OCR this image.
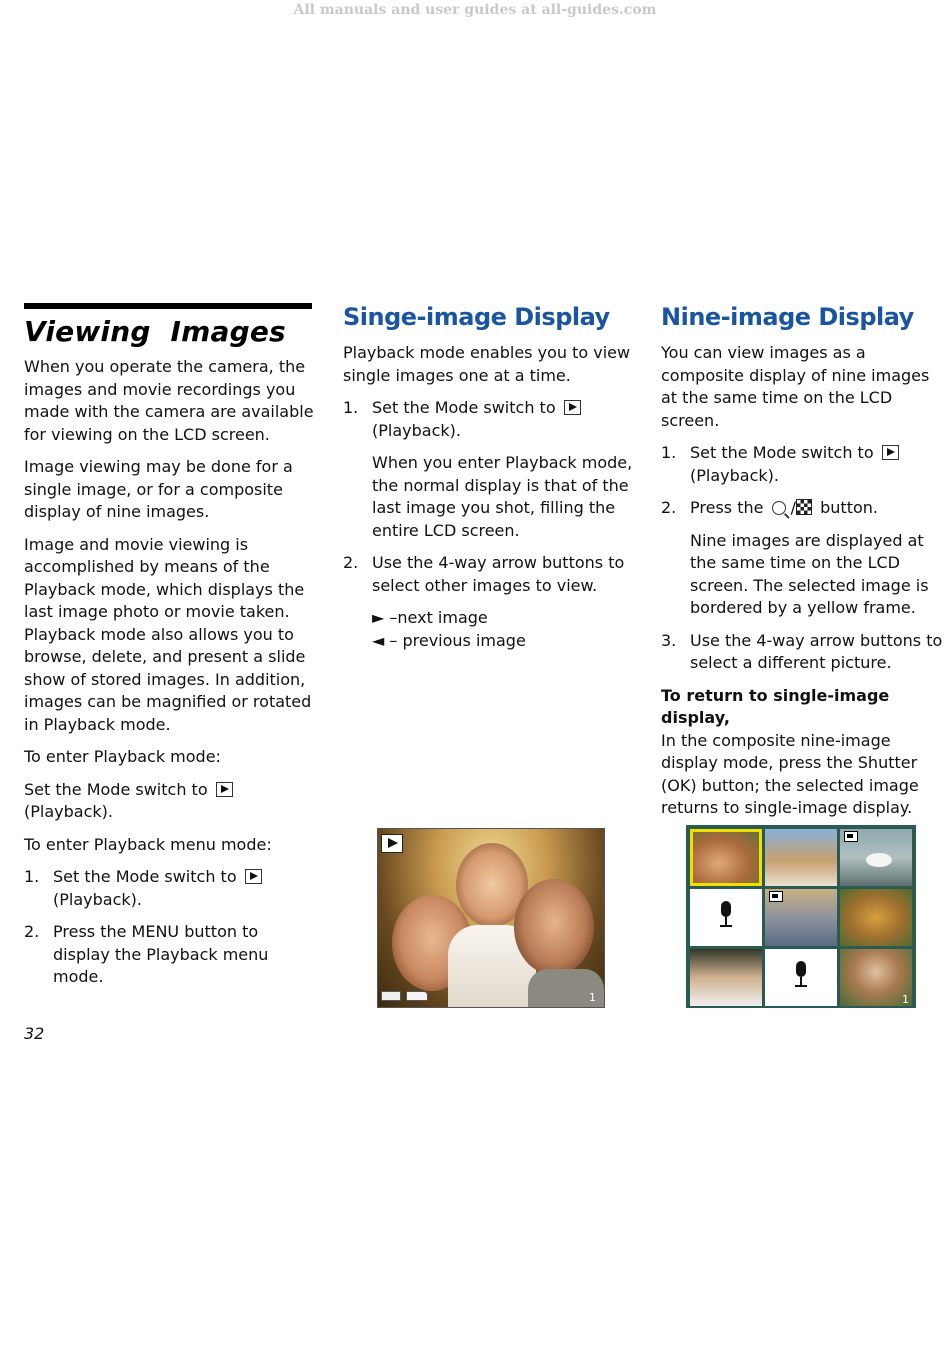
All manuals and user guides at all-guides.com
Viewing  Images

When you operate the camera, the images and movie recordings you made with the camera are available for viewing on the LCD screen.

Image viewing may be done for a single image, or for a composite display of nine images.

Image and movie viewing is accomplished by means of the Playback mode, which displays the last image photo or movie taken. Playback mode also allows you to browse, delete, and present a slide show of stored images. In addition, images can be magnified or rotated in Playback mode.

To enter Playback mode:

Set the Mode switch to
(Playback).

To enter Playback menu mode:

1. Set the Mode switch to
(Playback).

2. Press the MENU button to display the Playback menu mode.

Singe-image Display

Playback mode enables you to view single images one at a time.

1. Set the Mode switch to
(Playback).

When you enter Playback mode, the normal display is that of the last image you shot, filling the entire LCD screen.

2. Use the 4-way arrow buttons to select other images to view.

► –next image
◄ – previous image

Nine-image Display

You can view images as a composite display of nine images at the same time on the LCD screen.

1. Set the Mode switch to
(Playback).

2. Press the / button.

Nine images are displayed at the same time on the LCD screen. The selected image is bordered by a yellow frame.

3. Use the 4-way arrow buttons to select a different picture.

To return to single-image display,
In the composite nine-image display mode, press the Shutter (OK) button; the selected image returns to single-image display.

1	1
32
